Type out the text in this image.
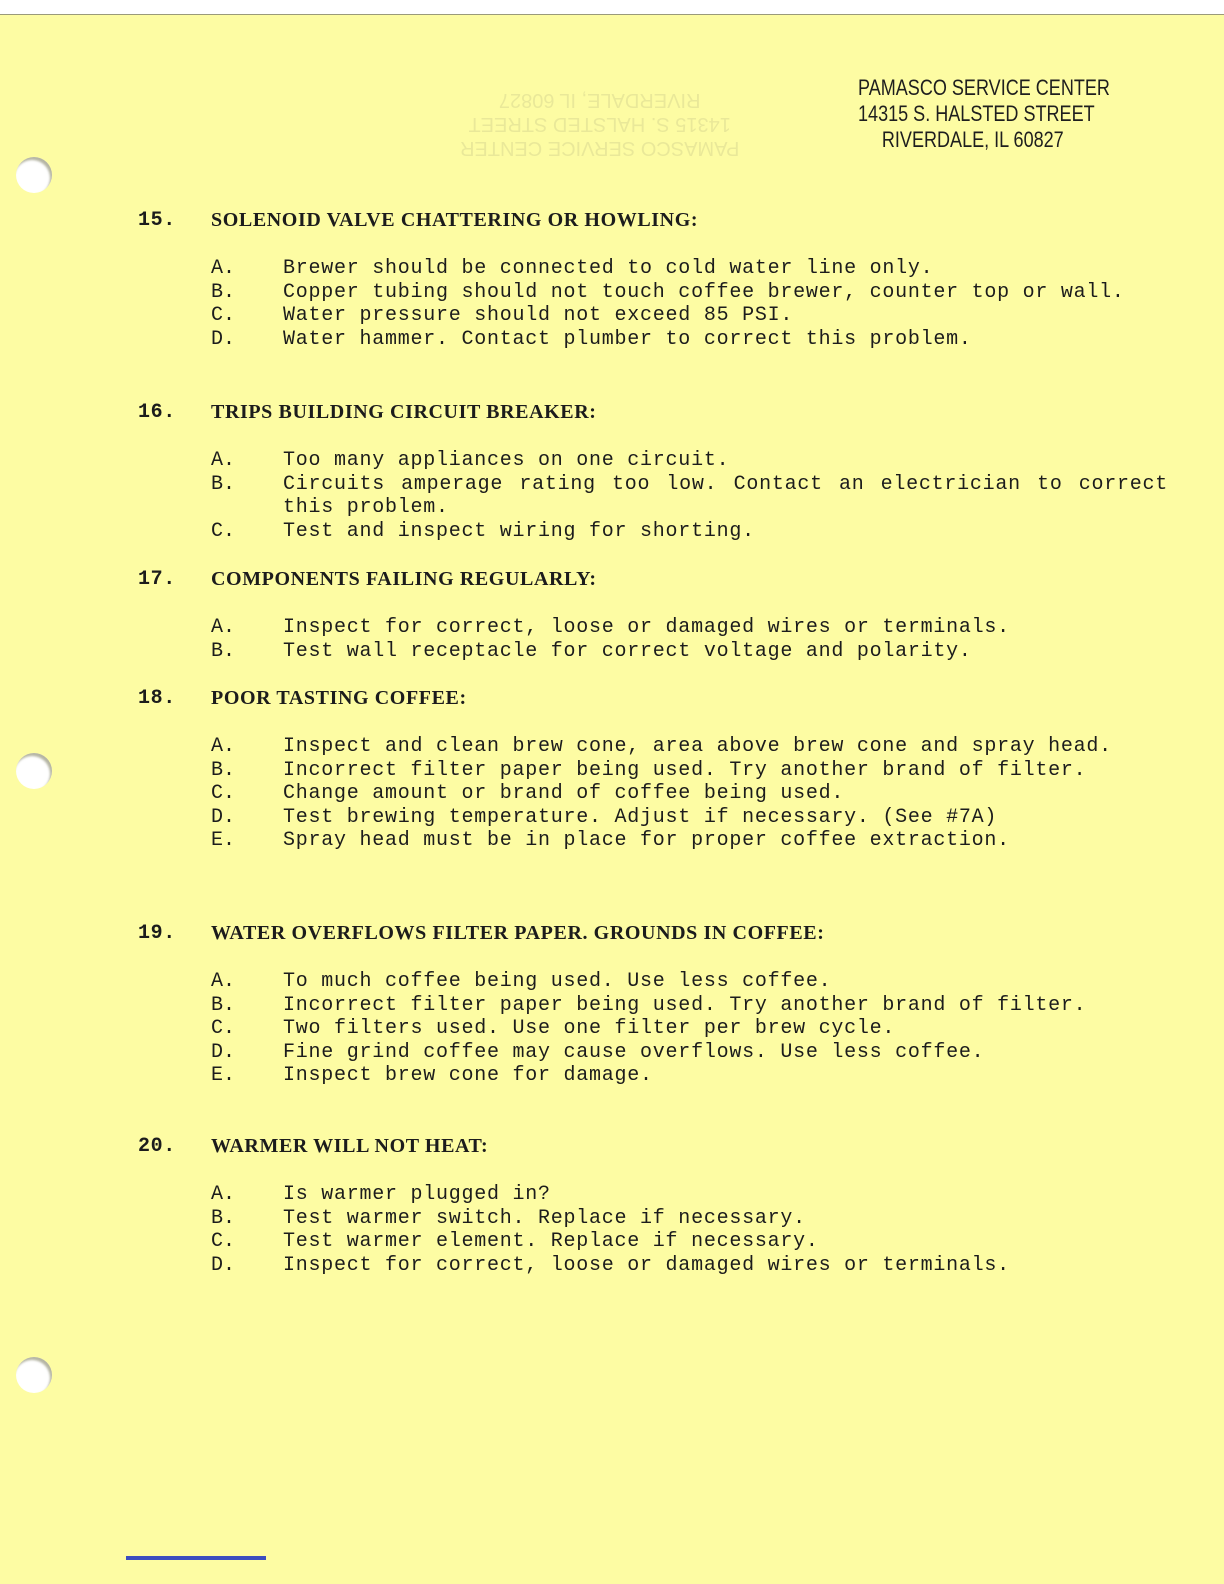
PAMASCO SERVICE CENTER
14315 S. HALSTED STREET
RIVERDALE, IL 60827	PAMASCO SERVICE CENTER
14315 S. HALSTED STREET
RIVERDALE, IL 60827
15. SOLENOID VALVE CHATTERING OR HOWLING:
A. Brewer should be connected to cold water line only.
B. Copper tubing should not touch coffee brewer, counter top or wall.
C. Water pressure should not exceed 85 PSI.
D. Water hammer. Contact plumber to correct this problem.
16. TRIPS BUILDING CIRCUIT BREAKER:
A. Too many appliances on one circuit.
B. Circuits amperage rating too low. Contact an electrician to correct this problem.
C. Test and inspect wiring for shorting.
17. COMPONENTS FAILING REGULARLY:
A. Inspect for correct, loose or damaged wires or terminals.
B. Test wall receptacle for correct voltage and polarity.
18. POOR TASTING COFFEE:
A. Inspect and clean brew cone, area above brew cone and spray head.
B. Incorrect filter paper being used. Try another brand of filter.
C. Change amount or brand of coffee being used.
D. Test brewing temperature. Adjust if necessary. (See #7A)
E. Spray head must be in place for proper coffee extraction.
19. WATER OVERFLOWS FILTER PAPER. GROUNDS IN COFFEE:
A. To much coffee being used. Use less coffee.
B. Incorrect filter paper being used. Try another brand of filter.
C. Two filters used. Use one filter per brew cycle.
D. Fine grind coffee may cause overflows. Use less coffee.
E. Inspect brew cone for damage.
20. WARMER WILL NOT HEAT:
A. Is warmer plugged in?
B. Test warmer switch. Replace if necessary.
C. Test warmer element. Replace if necessary.
D. Inspect for correct, loose or damaged wires or terminals.
